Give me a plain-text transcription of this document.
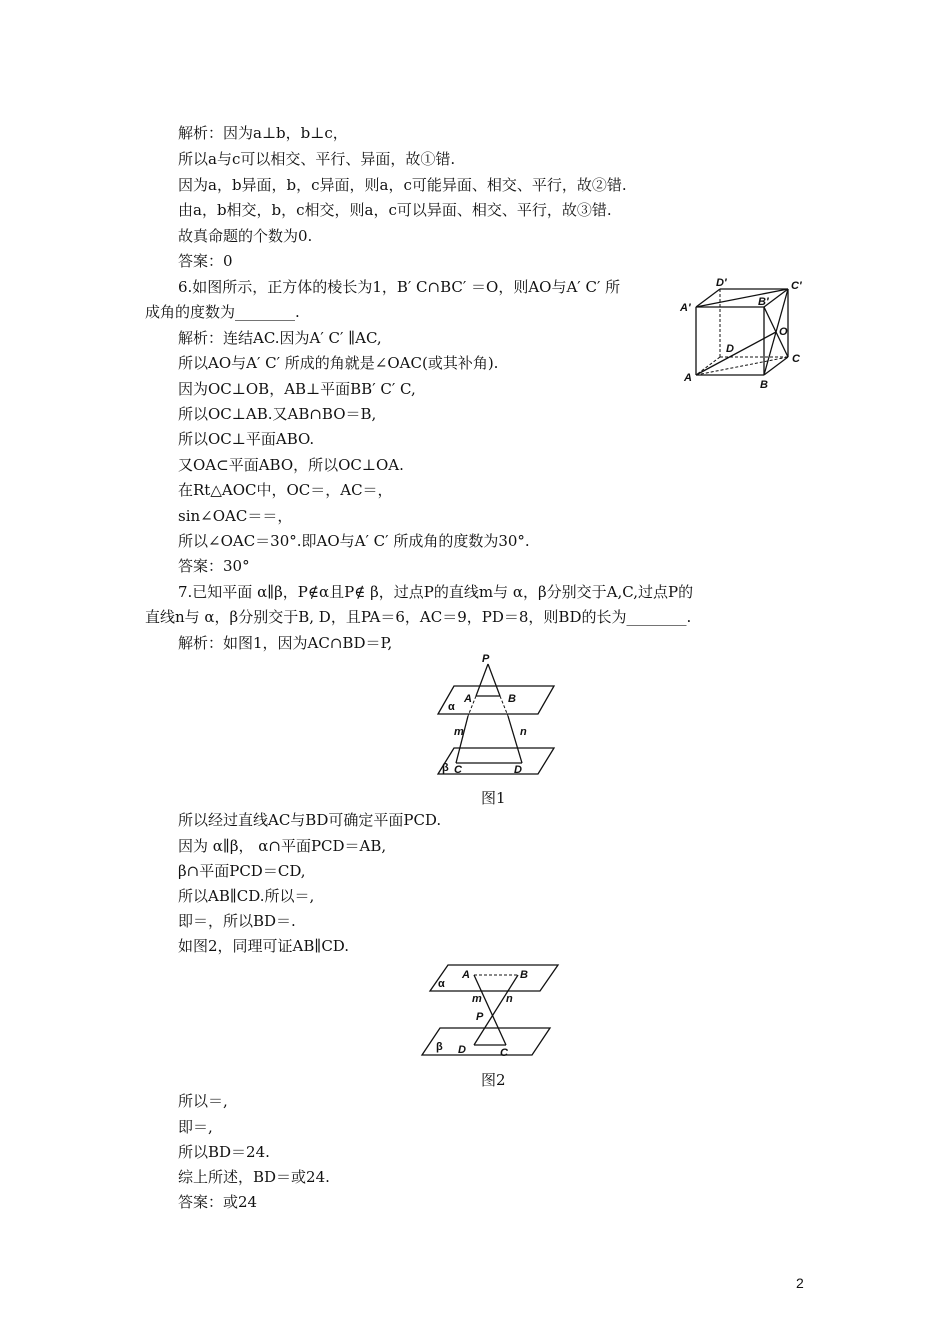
解析：因为a⊥b，b⊥c，
所以a与c可以相交、平行、异面，故①错.
因为a，b异面，b，c异面，则a，c可能异面、相交、平行，故②错.
由a，b相交，b，c相交，则a，c可以异面、相交、平行，故③错.
故真命题的个数为0.
答案：0
6.如图所示，正方体的棱长为1，B′ C∩BC′ ＝O，则AO与A′ C′ 所
成角的度数为________.
解析：连结AC.因为A′ C′ ∥AC,
所以AO与A′ C′ 所成的角就是∠OAC(或其补角).
因为OC⊥OB，AB⊥平面BB′ C′ C,
所以OC⊥AB.又AB∩BO＝B,
所以OC⊥平面ABO.
又OA⊂平面ABO，所以OC⊥OA.
在Rt△AOC中，OC＝，AC＝，
sin∠OAC＝＝，
所以∠OAC＝30°.即AO与A′ C′ 所成角的度数为30°.
答案：30°
7.已知平面 α∥β，P∉α且P∉ β，过点P的直线m与 α，β分别交于A,C,过点P的
直线n与 α，β分别交于B, D，且PA＝6，AC＝9，PD＝8，则BD的长为________.
解析：如图1，因为AC∩BD＝P,
D′	C′
A′	B′
O
D
C
A
B
P
A	B
α
m	n
β C	D
图1
所以经过直线AC与BD可确定平面PCD.
因为 α∥β， α∩平面PCD＝AB,
β∩平面PCD＝CD,
所以AB∥CD.所以＝,
即＝，所以BD＝.
如图2，同理可证AB∥CD.
A	B
α
m n
P
β D	C
图2
所以＝,
即＝,
所以BD＝24.
综上所述，BD＝或24.
答案：或24
2
